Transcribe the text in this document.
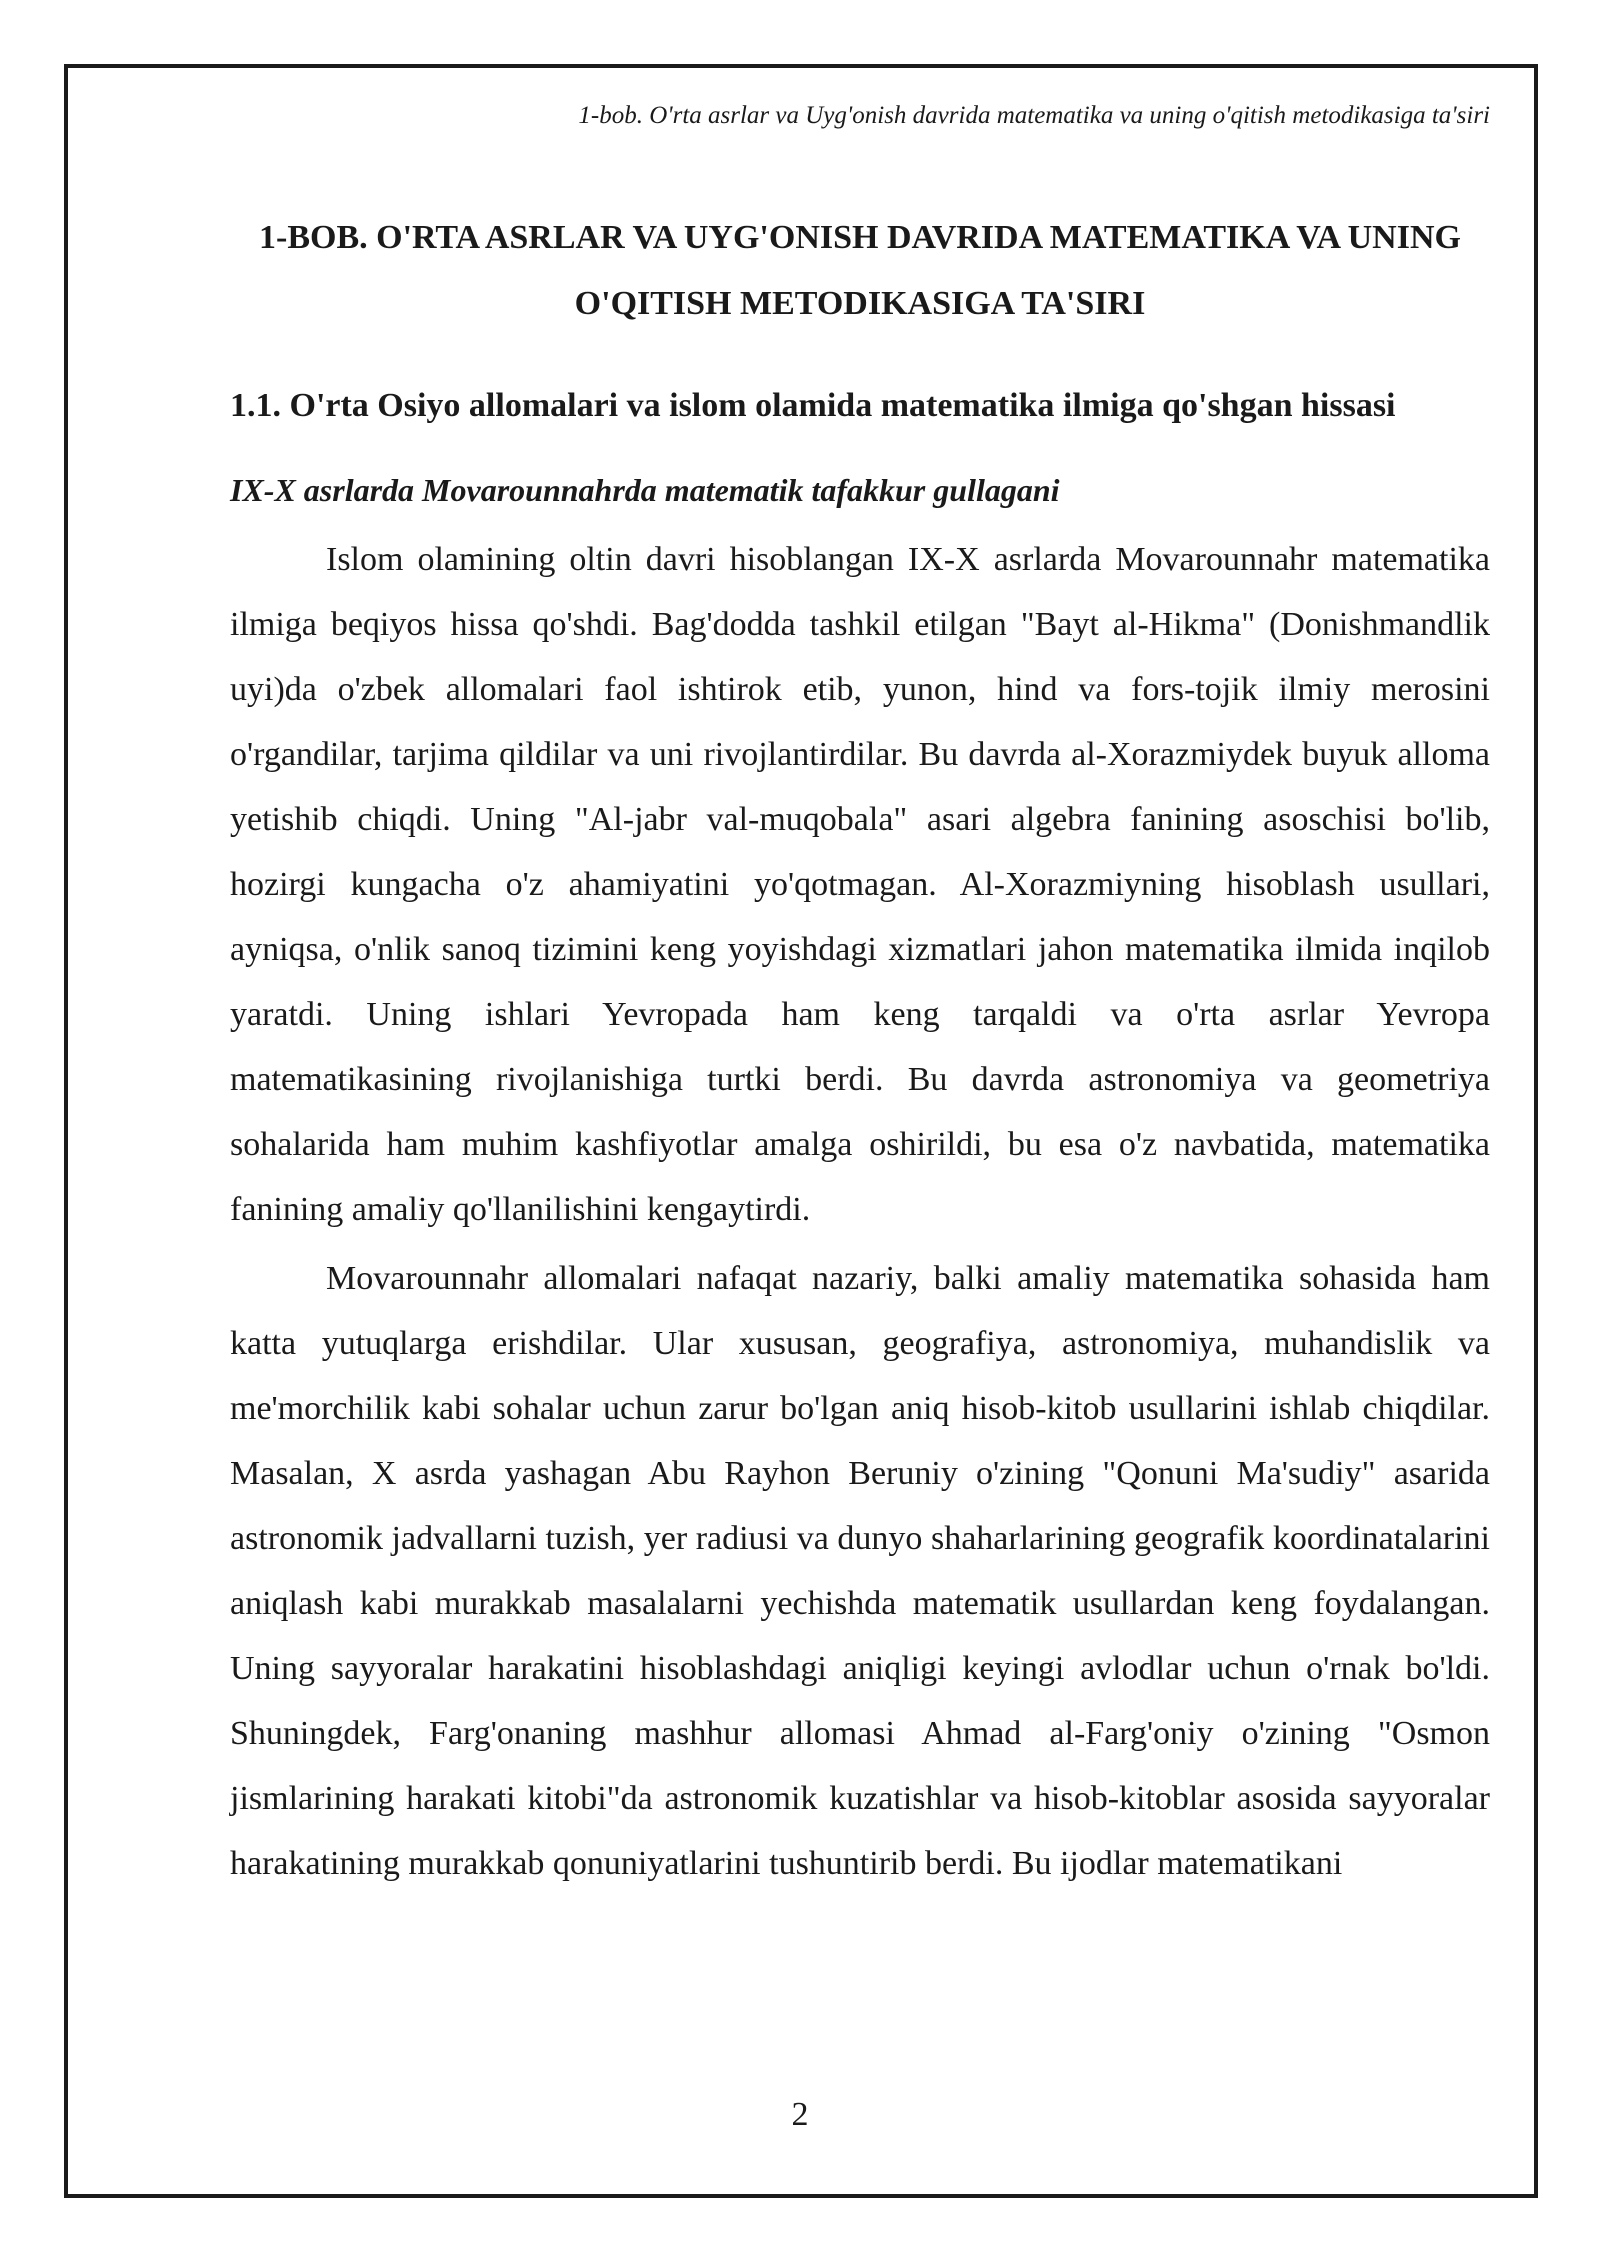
1-bob. O'rta asrlar va Uyg'onish davrida matematika va uning o'qitish metodikasiga ta'siri
1-BOB. O'RTA ASRLAR VA UYG'ONISH DAVRIDA MATEMATIKA VA UNING O'QITISH METODIKASIGA TA'SIRI
1.1. O'rta Osiyo allomalari va islom olamida matematika ilmiga qo'shgan hissasi
IX-X asrlarda Movarounnahrda matematik tafakkur gullagani

Islom olamining oltin davri hisoblangan IX-X asrlarda Movarounnahr matematika ilmiga beqiyos hissa qo'shdi. Bag'dodda tashkil etilgan "Bayt al-Hikma" (Donishmandlik uyi)da o'zbek allomalari faol ishtirok etib, yunon, hind va fors-tojik ilmiy merosini o'rgandilar, tarjima qildilar va uni rivojlantirdilar. Bu davrda al-Xorazmiydek buyuk alloma yetishib chiqdi. Uning "Al-jabr val-muqobala" asari algebra fanining asoschisi bo'lib, hozirgi kungacha o'z ahamiyatini yo'qotmagan. Al-Xorazmiyning hisoblash usullari, ayniqsa, o'nlik sanoq tizimini keng yoyishdagi xizmatlari jahon matematika ilmida inqilob yaratdi. Uning ishlari Yevropada ham keng tarqaldi va o'rta asrlar Yevropa matematikasining rivojlanishiga turtki berdi. Bu davrda astronomiya va geometriya sohalarida ham muhim kashfiyotlar amalga oshirildi, bu esa o'z navbatida, matematika fanining amaliy qo'llanilishini kengaytirdi.

Movarounnahr allomalari nafaqat nazariy, balki amaliy matematika sohasida ham katta yutuqlarga erishdilar. Ular xususan, geografiya, astronomiya, muhandislik va me'morchilik kabi sohalar uchun zarur bo'lgan aniq hisob-kitob usullarini ishlab chiqdilar. Masalan, X asrda yashagan Abu Rayhon Beruniy o'zining "Qonuni Ma'sudiy" asarida astronomik jadvallarni tuzish, yer radiusi va dunyo shaharlarining geografik koordinatalarini aniqlash kabi murakkab masalalarni yechishda matematik usullardan keng foydalangan. Uning sayyoralar harakatini hisoblashdagi aniqligi keyingi avlodlar uchun o'rnak bo'ldi. Shuningdek, Farg'onaning mashhur allomasi Ahmad al-Farg'oniy o'zining "Osmon jismlarining harakati kitobi"da astronomik kuzatishlar va hisob-kitoblar asosida sayyoralar harakatining murakkab qonuniyatlarini tushuntirib berdi. Bu ijodlar matematikani

2
